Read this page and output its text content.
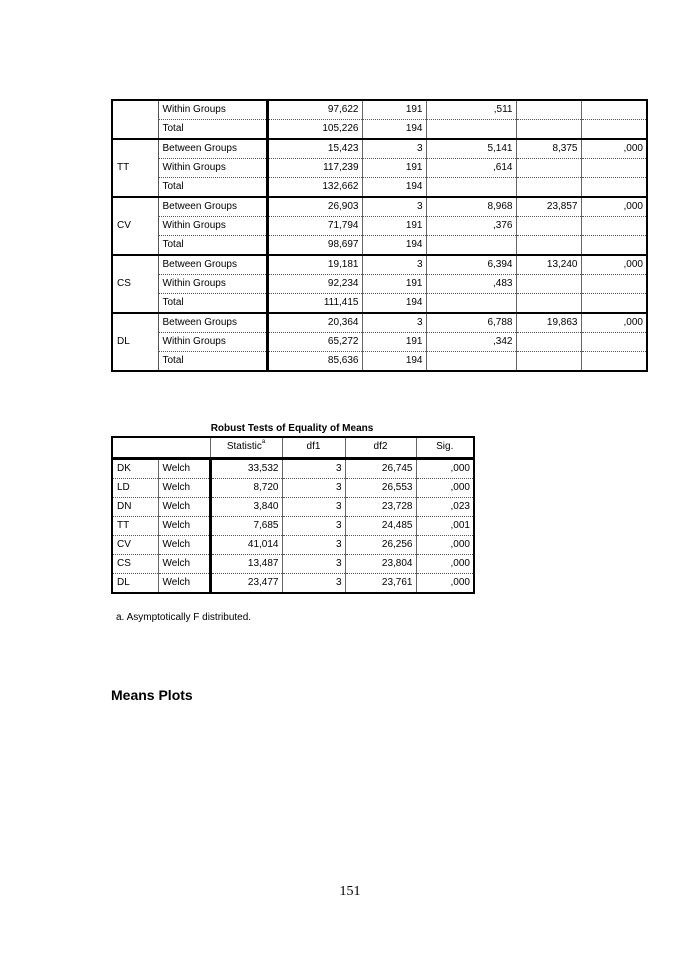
	Within Groups	97,622	191	,511		
	Total	105,226	194			
TT	Between Groups	15,423	3	5,141	8,375	,000
	Within Groups	117,239	191	,614		
	Total	132,662	194			
CV	Between Groups	26,903	3	8,968	23,857	,000
	Within Groups	71,794	191	,376		
	Total	98,697	194			
CS	Between Groups	19,181	3	6,394	13,240	,000
	Within Groups	92,234	191	,483		
	Total	111,415	194			
DL	Between Groups	20,364	3	6,788	19,863	,000
	Within Groups	65,272	191	,342		
	Total	85,636	194			
Robust Tests of Equality of Means
		Statistic$^a$	df1	df2	Sig.
DK	Welch	33,532	3	26,745	,000
LD	Welch	8,720	3	26,553	,000
DN	Welch	3,840	3	23,728	,023
TT	Welch	7,685	3	24,485	,001
CV	Welch	41,014	3	26,256	,000
CS	Welch	13,487	3	23,804	,000
DL	Welch	23,477	3	23,761	,000
a. Asymptotically F distributed.
Means Plots
151
